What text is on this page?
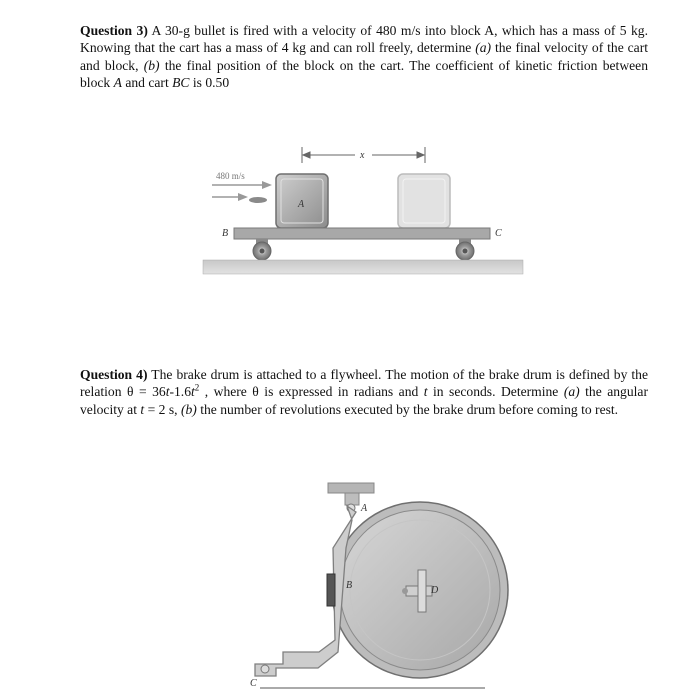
Question 3) A 30-g bullet is fired with a velocity of 480 m/s into block A, which has a mass of 5 kg. Knowing that the cart has a mass of 4 kg and can roll freely, determine (a) the final velocity of the cart and block, (b) the final position of the block on the cart. The coefficient of kinetic friction between block A and cart BC is 0.50

480 m/s
x
A
B	C

Question 4) The brake drum is attached to a flywheel. The motion of the brake drum is defined by the relation $\theta = 36t-1.6t^2$ , where θ is expressed in radians and t in seconds. Determine (a) the angular velocity at t = 2 s, (b) the number of revolutions executed by the brake drum before coming to rest.

A
D
B
C
